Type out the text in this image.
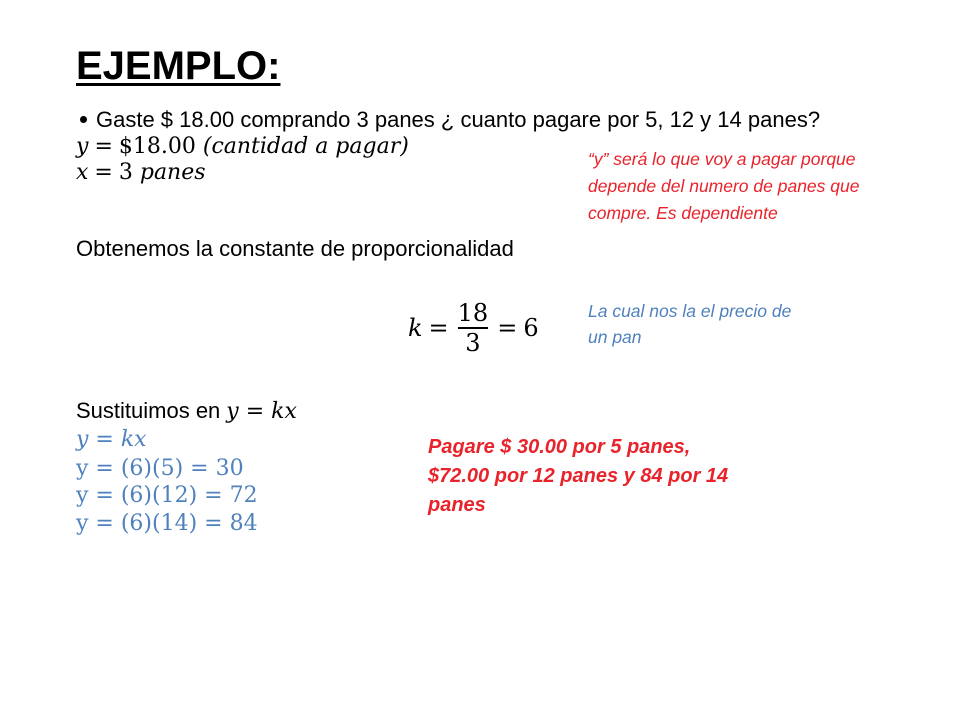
EJEMPLO:
Gaste $ 18.00 comprando 3 panes ¿ cuanto pagare por 5, 12 y 14 panes?
y = $18.00 (cantidad a pagar)
x = 3 panes
“y” será lo que voy a pagar porque
depende del numero de panes que
compre. Es dependiente
Obtenemos la constante de proporcionalidad
$k = \frac{18}{3} = 6$
La cual nos la el precio de
un pan
Sustituimos en y = kx
y = kx
y = (6)(5) = 30
y = (6)(12) = 72
y = (6)(14) = 84
Pagare $ 30.00 por 5 panes,
$72.00 por 12 panes y 84 por 14
panes
